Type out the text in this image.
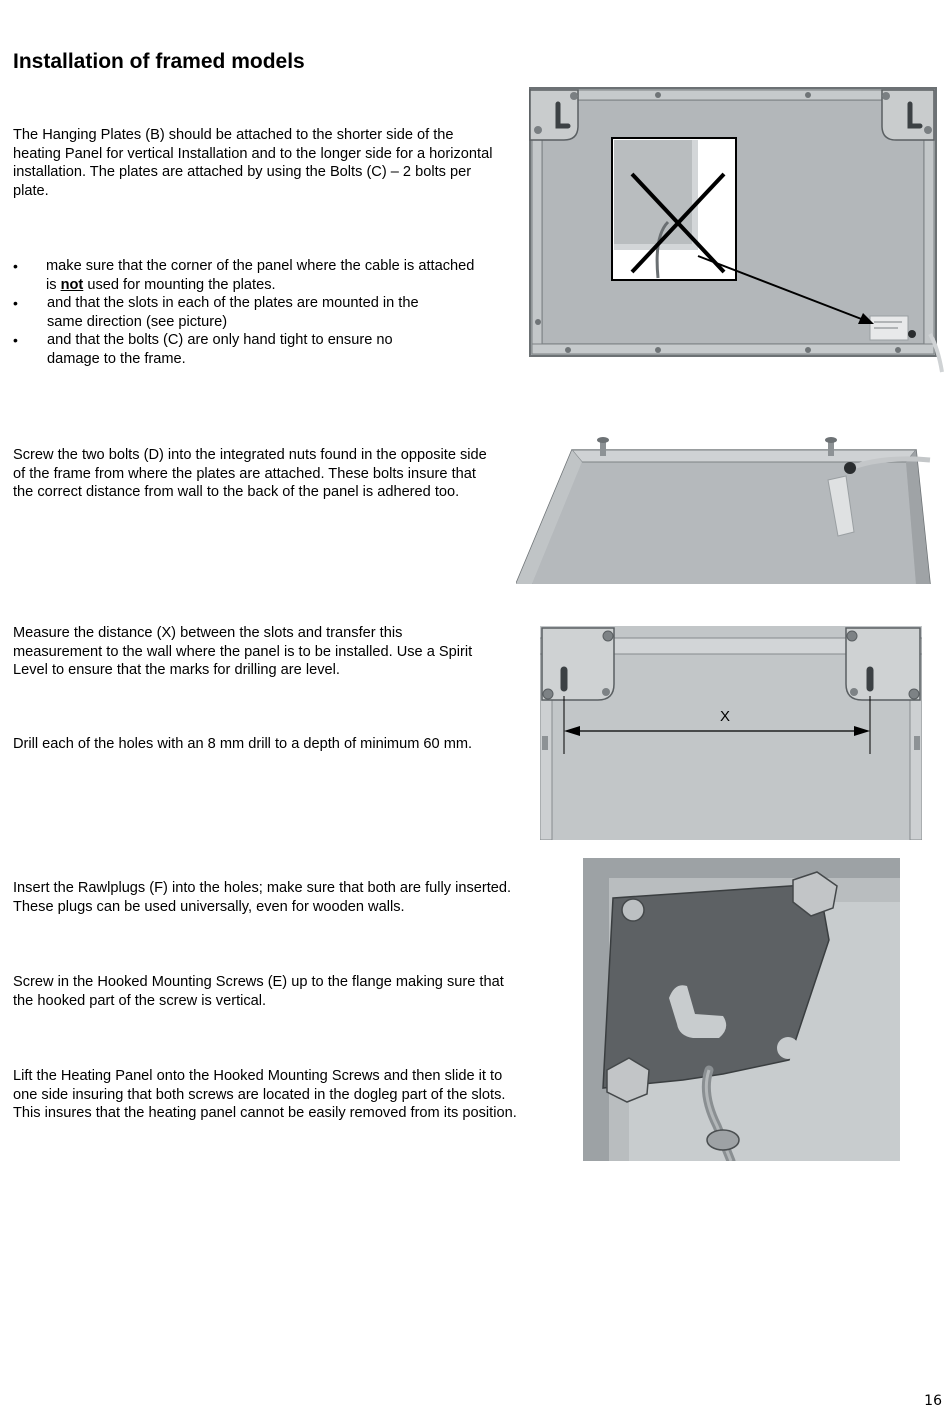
Installation of framed models

The Hanging Plates (B) should be attached to the shorter side of the heating Panel for vertical Installation and to the longer side for a horizontal installation. The plates are attached by using the Bolts (C) – 2 bolts per plate.

• make sure that the corner of the panel where the cable is attached is not used for mounting the plates.
• and that the slots in each of the plates are mounted in the same direction (see picture)
• and that the bolts (C) are only hand tight to ensure no damage to the frame.

Screw the two bolts (D) into the integrated nuts found in the opposite side of the frame from where the plates are attached. These bolts insure that the correct distance from wall to the back of the panel is adhered too.

Measure the distance (X) between the slots and transfer this measurement to the wall where the panel is to be installed. Use a Spirit Level to ensure that the marks for drilling are level.

Drill each of the holes with an 8 mm drill to a depth of minimum 60 mm.

Insert the Rawlplugs (F) into the holes; make sure that both are fully inserted. These plugs can be used universally, even for wooden walls.

Screw in the Hooked Mounting Screws (E) up to the flange making sure that the hooked part of the screw is vertical.

Lift the Heating Panel onto the Hooked Mounting Screws and then slide it to one side insuring that both screws are located in the dogleg part of the slots. This insures that the heating panel cannot be easily removed from its position.

X
16
